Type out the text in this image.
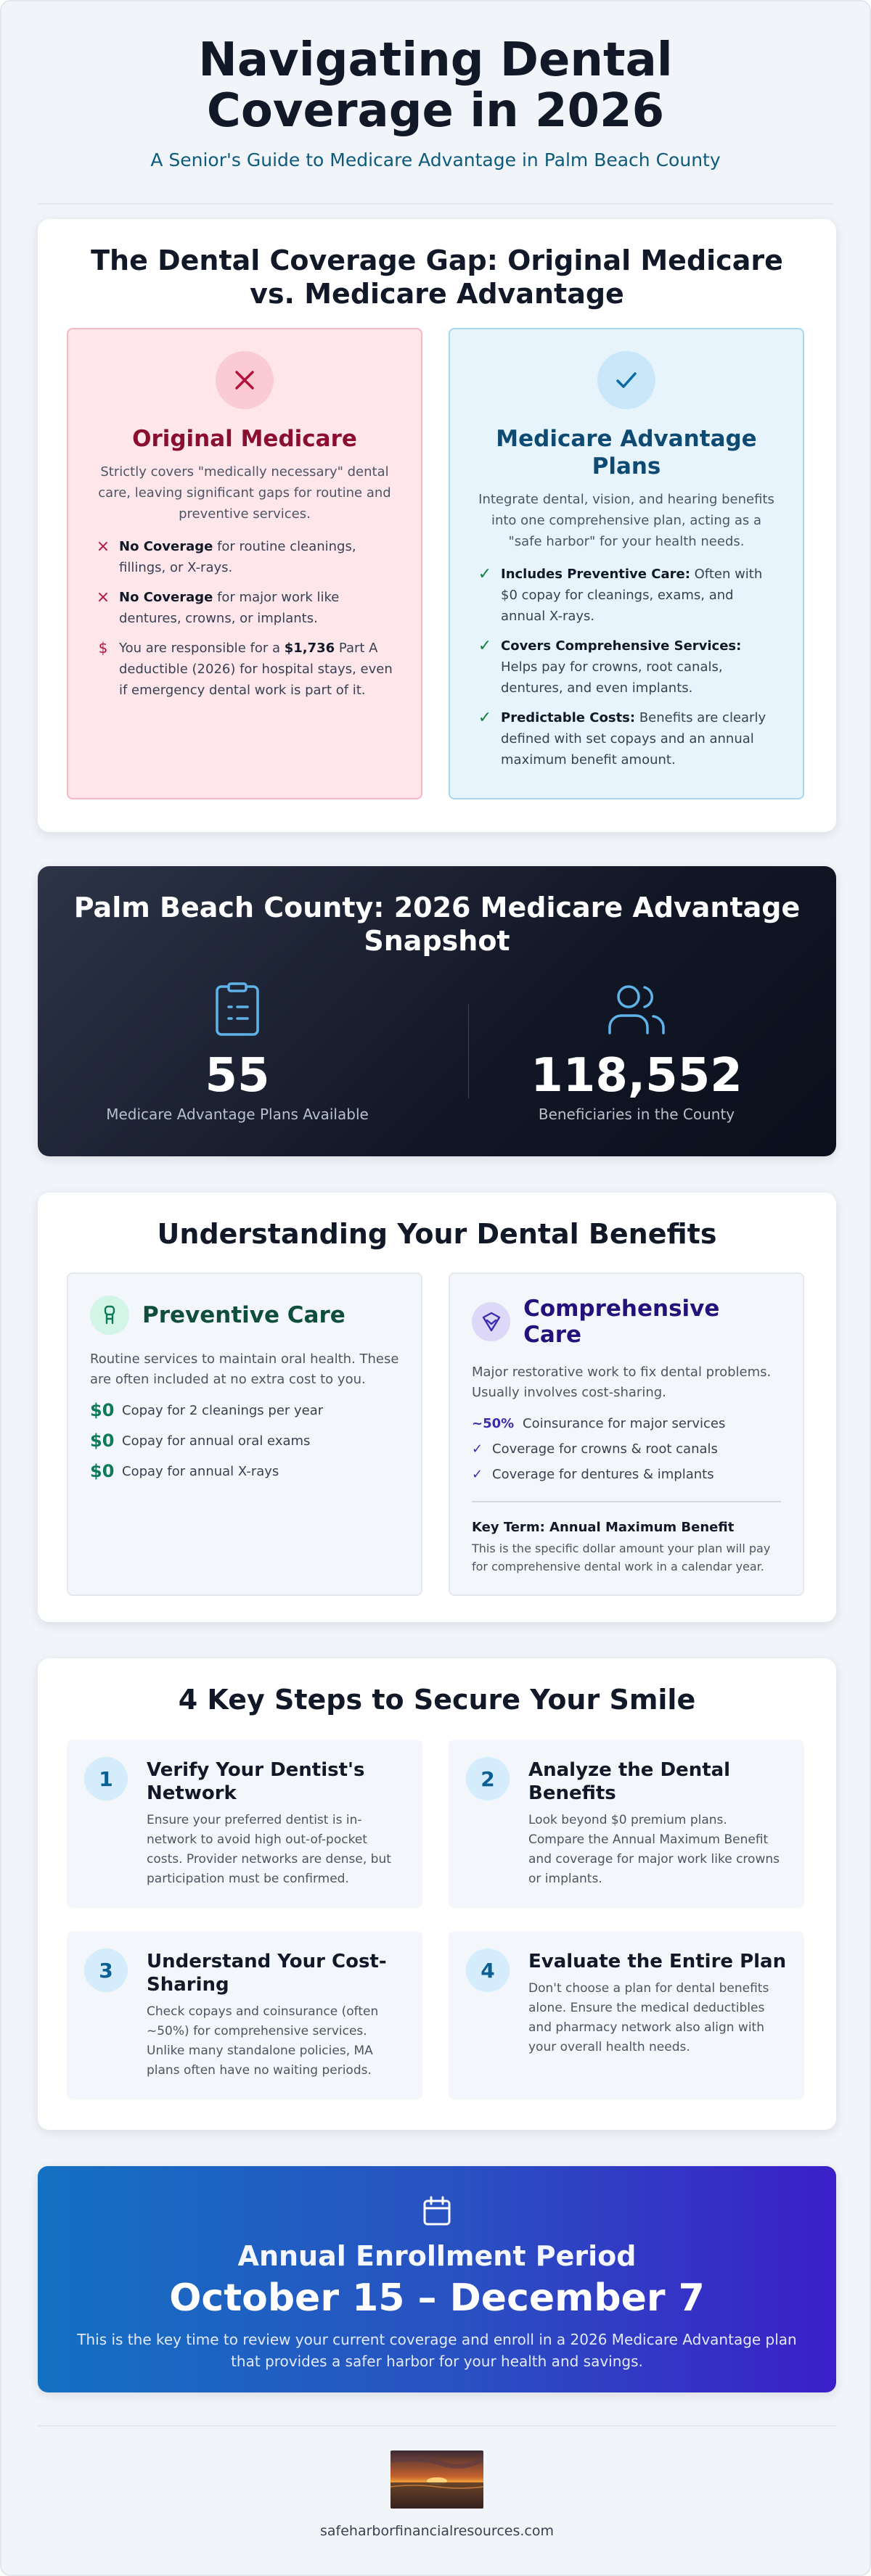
Navigating Dental Coverage in 2026
A Senior's Guide to Medicare Advantage in Palm Beach County
The Dental Coverage Gap: Original Medicare vs. Medicare Advantage
Original Medicare

Strictly covers "medically necessary" dental care, leaving significant gaps for routine and preventive services.

× No Coverage for routine cleanings, fillings, or X-rays.
× No Coverage for major work like dentures, crowns, or implants.
$ You are responsible for a $1,736 Part A deductible (2026) for hospital stays, even if emergency dental work is part of it.
Medicare Advantage Plans

Integrate dental, vision, and hearing benefits into one comprehensive plan, acting as a "safe harbor" for your health needs.

✓ Includes Preventive Care: Often with $0 copay for cleanings, exams, and annual X-rays.
✓ Covers Comprehensive Services: Helps pay for crowns, root canals, dentures, and even implants.
✓ Predictable Costs: Benefits are clearly defined with set copays and an annual maximum benefit amount.
Palm Beach County: 2026 Medicare Advantage Snapshot
55
Medicare Advantage Plans Available
118,552
Beneficiaries in the County
Understanding Your Dental Benefits
Preventive Care

Routine services to maintain oral health. These are often included at no extra cost to you.

$0 Copay for 2 cleanings per year
$0 Copay for annual oral exams
$0 Copay for annual X-rays
Comprehensive Care

Major restorative work to fix dental problems. Usually involves cost-sharing.

~50% Coinsurance for major services
✓ Coverage for crowns & root canals
✓ Coverage for dentures & implants
Key Term: Annual Maximum Benefit
This is the specific dollar amount your plan will pay for comprehensive dental work in a calendar year.
4 Key Steps to Secure Your Smile
1	Verify Your Dentist's Network
Ensure your preferred dentist is in-network to avoid high out-of-pocket costs. Provider networks are dense, but participation must be confirmed.
2	Analyze the Dental Benefits
Look beyond $0 premium plans. Compare the Annual Maximum Benefit and coverage for major work like crowns or implants.
3	Understand Your Cost-Sharing
Check copays and coinsurance (often ~50%) for comprehensive services. Unlike many standalone policies, MA plans often have no waiting periods.
4	Evaluate the Entire Plan
Don't choose a plan for dental benefits alone. Ensure the medical deductibles and pharmacy network also align with your overall health needs.
Annual Enrollment Period
October 15 – December 7

This is the key time to review your current coverage and enroll in a 2026 Medicare Advantage plan that provides a safer harbor for your health and savings.

safeharborfinancialresources.com
